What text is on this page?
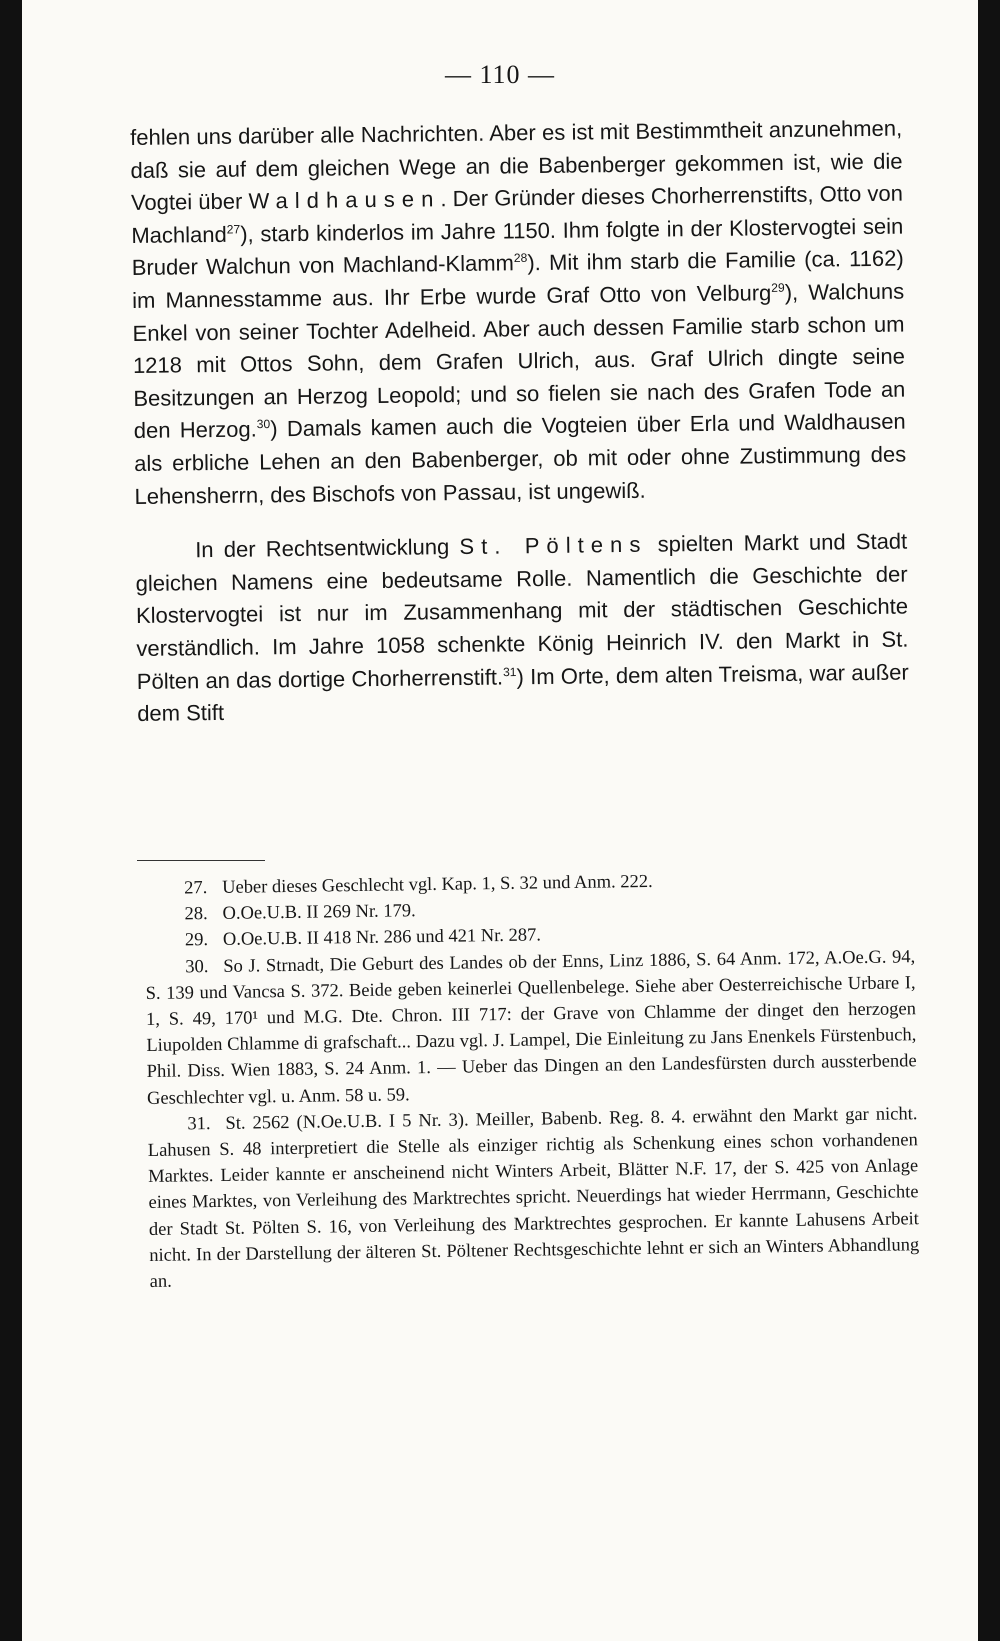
— 110 —

fehlen uns darüber alle Nachrichten. Aber es ist mit Bestimmtheit anzunehmen, daß sie auf dem gleichen Wege an die Babenberger gekommen ist, wie die Vogtei über Waldhausen. Der Gründer dieses Chorherrenstifts, Otto von Machland$^{27}$), starb kinderlos im Jahre 1150. Ihm folgte in der Klostervogtei sein Bruder Walchun von Machland-Klamm$^{28}$). Mit ihm starb die Familie (ca. 1162) im Mannesstamme aus. Ihr Erbe wurde Graf Otto von Velburg$^{29}$), Walchuns Enkel von seiner Tochter Adelheid. Aber auch dessen Familie starb schon um 1218 mit Ottos Sohn, dem Grafen Ulrich, aus. Graf Ulrich dingte seine Besitzungen an Herzog Leopold; und so fielen sie nach des Grafen Tode an den Herzog.$^{30}$) Damals kamen auch die Vogteien über Erla und Waldhausen als erbliche Lehen an den Babenberger, ob mit oder ohne Zustimmung des Lehensherrn, des Bischofs von Passau, ist ungewiß.

In der Rechtsentwicklung St. Pöltens spielten Markt und Stadt gleichen Namens eine bedeutsame Rolle. Namentlich die Geschichte der Klostervogtei ist nur im Zusammenhang mit der städtischen Geschichte verständlich. Im Jahre 1058 schenkte König Heinrich IV. den Markt in St. Pölten an das dortige Chorherrenstift.$^{31}$) Im Orte, dem alten Treisma, war außer dem Stift

27. Ueber dieses Geschlecht vgl. Kap. 1, S. 32 und Anm. 222.

28. O.Oe.U.B. II 269 Nr. 179.

29. O.Oe.U.B. II 418 Nr. 286 und 421 Nr. 287.

30. So J. Strnadt, Die Geburt des Landes ob der Enns, Linz 1886, S. 64 Anm. 172, A.Oe.G. 94, S. 139 und Vancsa S. 372. Beide geben keinerlei Quellenbelege. Siehe aber Oesterreichische Urbare I, 1, S. 49, 170¹ und M.G. Dte. Chron. III 717: der Grave von Chlamme der dinget den herzogen Liupolden Chlamme di grafschaft... Dazu vgl. J. Lampel, Die Einleitung zu Jans Enenkels Fürstenbuch, Phil. Diss. Wien 1883, S. 24 Anm. 1. — Ueber das Dingen an den Landesfürsten durch aussterbende Geschlechter vgl. u. Anm. 58 u. 59.

31. St. 2562 (N.Oe.U.B. I 5 Nr. 3). Meiller, Babenb. Reg. 8. 4. erwähnt den Markt gar nicht. Lahusen S. 48 interpretiert die Stelle als einziger richtig als Schenkung eines schon vorhandenen Marktes. Leider kannte er anscheinend nicht Winters Arbeit, Blätter N.F. 17, der S. 425 von Anlage eines Marktes, von Verleihung des Marktrechtes spricht. Neuerdings hat wieder Herrmann, Geschichte der Stadt St. Pölten S. 16, von Verleihung des Marktrechtes gesprochen. Er kannte Lahusens Arbeit nicht. In der Darstellung der älteren St. Pöltener Rechtsgeschichte lehnt er sich an Winters Abhandlung an.
